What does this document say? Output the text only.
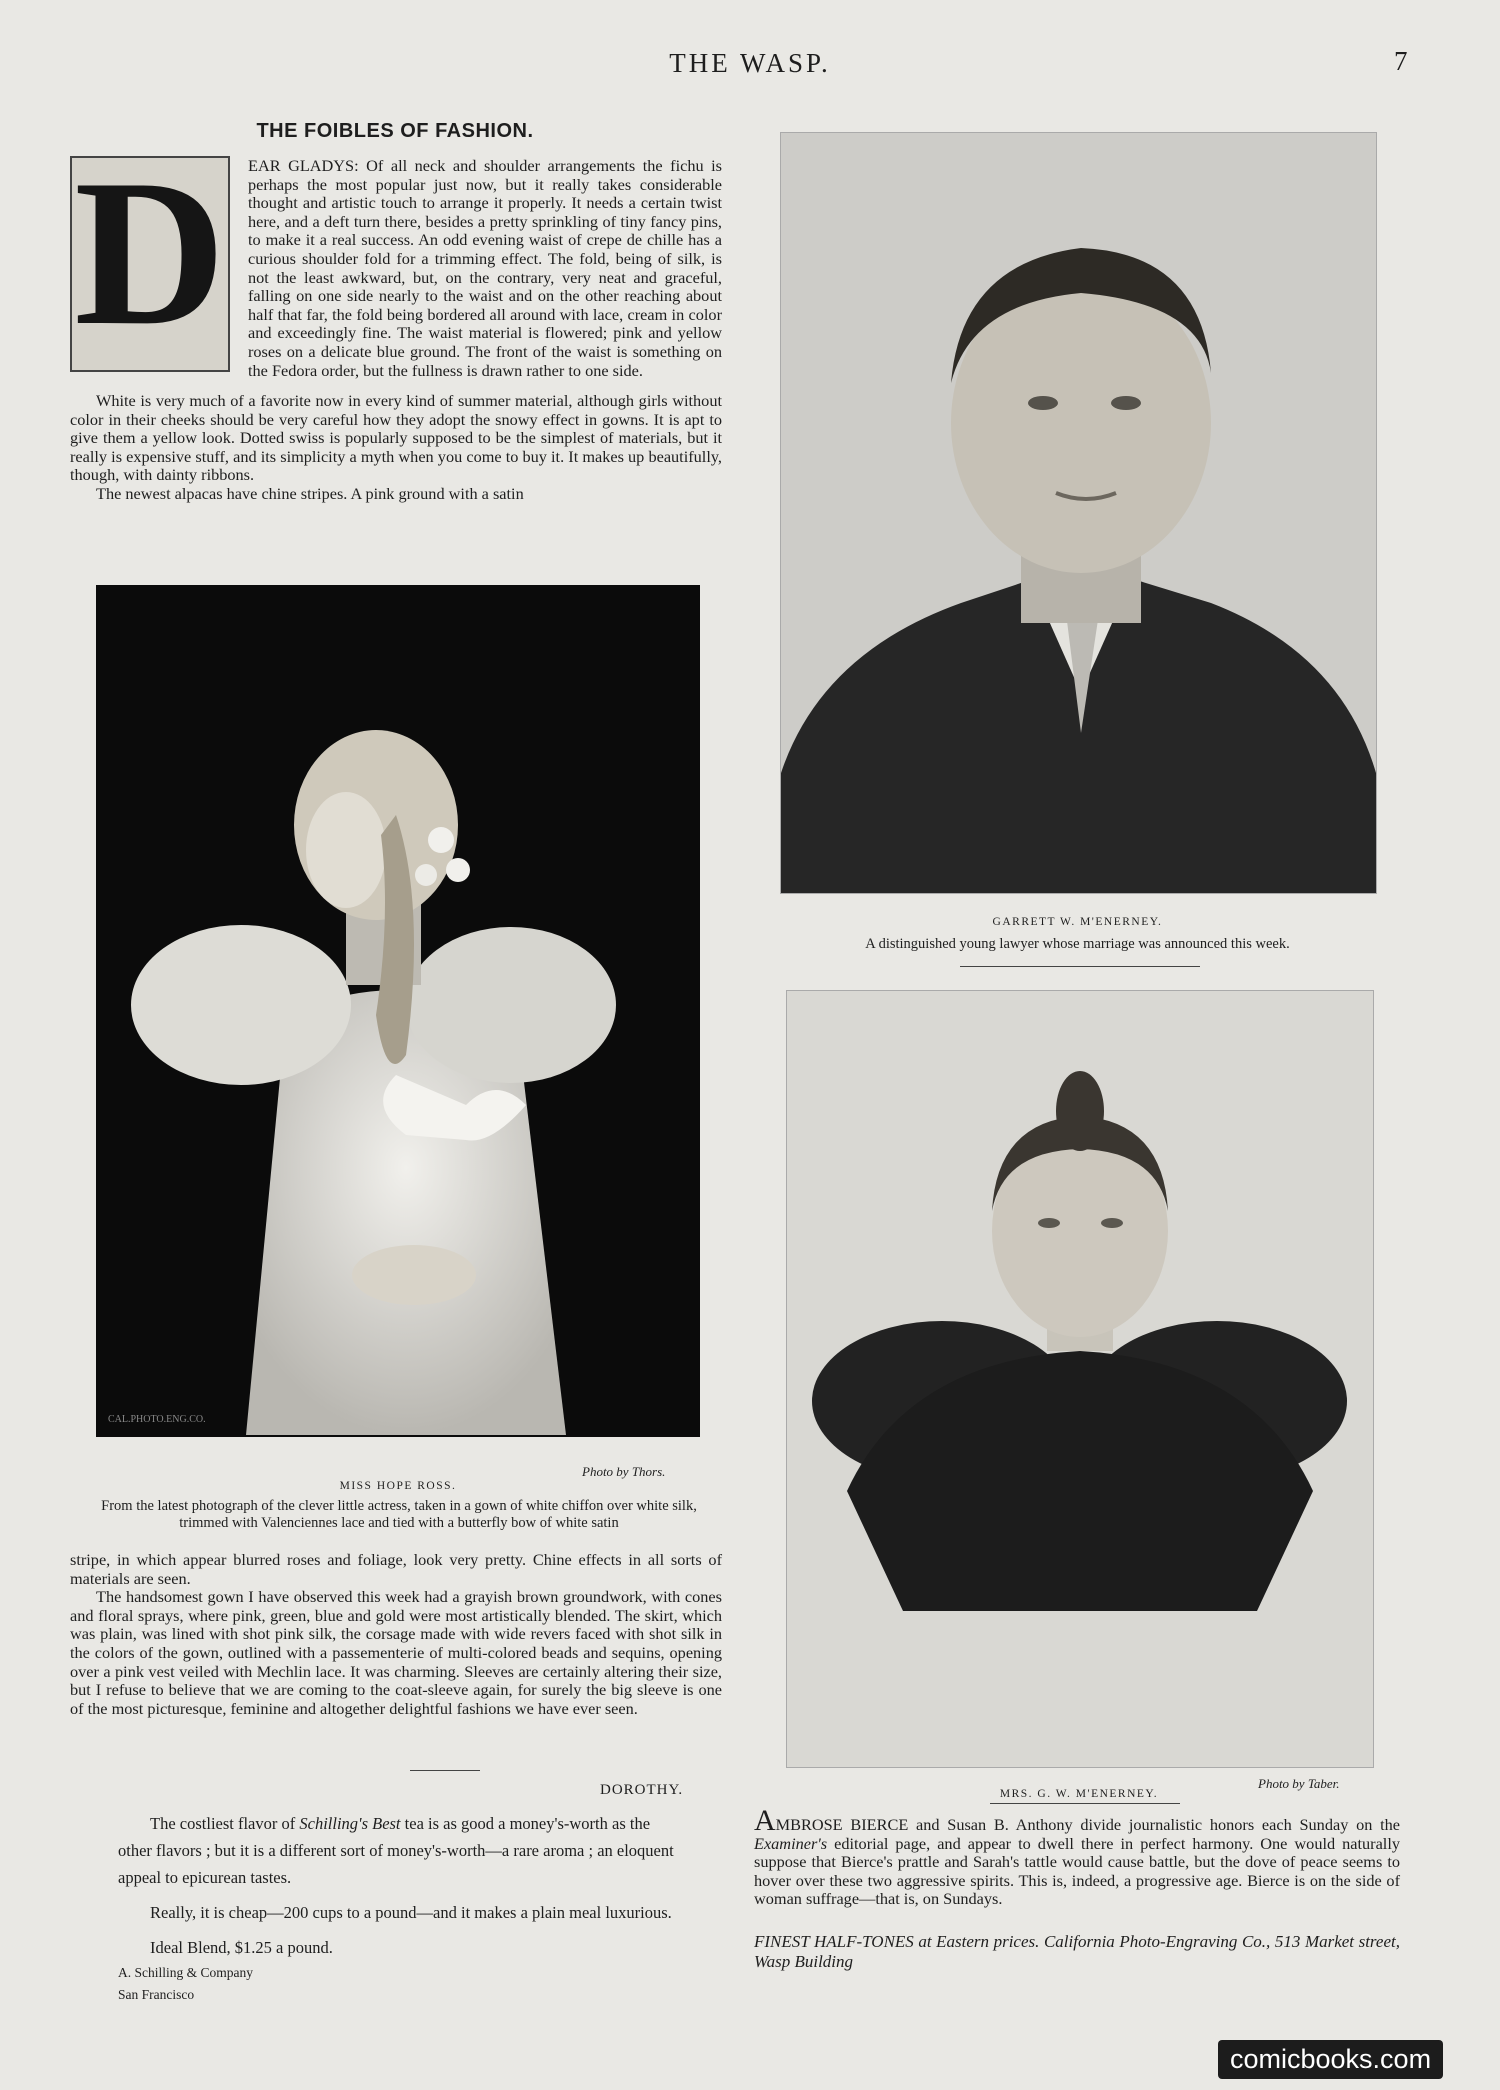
THE WASP.	7
THE FOIBLES OF FASHION.
D EAR GLADYS: Of all neck and shoulder arrangements the fichu is perhaps the most popular just now, but it really takes considerable thought and artistic touch to arrange it properly. It needs a certain twist here, and a deft turn there, besides a pretty sprinkling of tiny fancy pins, to make it a real success. An odd evening waist of crepe de chille has a curious shoulder fold for a trimming effect. The fold, being of silk, is not the least awkward, but, on the contrary, very neat and graceful, falling on one side nearly to the waist and on the other reaching about half that far, the fold being bordered all around with lace, cream in color and exceedingly fine. The waist material is flowered; pink and yellow roses on a delicate blue ground. The front of the waist is something on the Fedora order, but the fullness is drawn rather to one side.

White is very much of a favorite now in every kind of summer material, although girls without color in their cheeks should be very careful how they adopt the snowy effect in gowns. It is apt to give them a yellow look. Dotted swiss is popularly supposed to be the simplest of materials, but it really is expensive stuff, and its simplicity a myth when you come to buy it. It makes up beautifully, though, with dainty ribbons.

The newest alpacas have chine stripes. A pink ground with a satin

CAL.PHOTO.ENG.CO.
Photo by Thors.
MISS HOPE ROSS.
From the latest photograph of the clever little actress, taken in a gown of white chiffon over white silk, trimmed with Valenciennes lace and tied with a butterfly bow of white satin

stripe, in which appear blurred roses and foliage, look very pretty. Chine effects in all sorts of materials are seen.

The handsomest gown I have observed this week had a grayish brown groundwork, with cones and floral sprays, where pink, green, blue and gold were most artistically blended. The skirt, which was plain, was lined with shot pink silk, the corsage made with wide revers faced with shot silk in the colors of the gown, outlined with a passementerie of multi-colored beads and sequins, opening over a pink vest veiled with Mechlin lace. It was charming. Sleeves are certainly altering their size, but I refuse to believe that we are coming to the coat-sleeve again, for surely the big sleeve is one of the most picturesque, feminine and altogether delightful fashions we have ever seen.

DOROTHY.

The costliest flavor of Schilling's Best tea is as good a money's-worth as the other flavors ; but it is a different sort of money's-worth—a rare aroma ; an eloquent appeal to epicurean tastes.

Really, it is cheap—200 cups to a pound—and it makes a plain meal luxurious.

Ideal Blend, $1.25 a pound.

A. Schilling & Company
San Francisco
GARRETT W. M'ENERNEY.
A distinguished young lawyer whose marriage was announced this week.
Photo by Taber.
MRS. G. W. M'ENERNEY.

AMBROSE BIERCE and Susan B. Anthony divide journalistic honors each Sunday on the Examiner's editorial page, and appear to dwell there in perfect harmony. One would naturally suppose that Bierce's prattle and Sarah's tattle would cause battle, but the dove of peace seems to hover over these two aggressive spirits. This is, indeed, a progressive age. Bierce is on the side of woman suffrage—that is, on Sundays.

FINEST HALF-TONES at Eastern prices. California Photo-Engraving Co., 513 Market street, Wasp Building
comicbooks.com
